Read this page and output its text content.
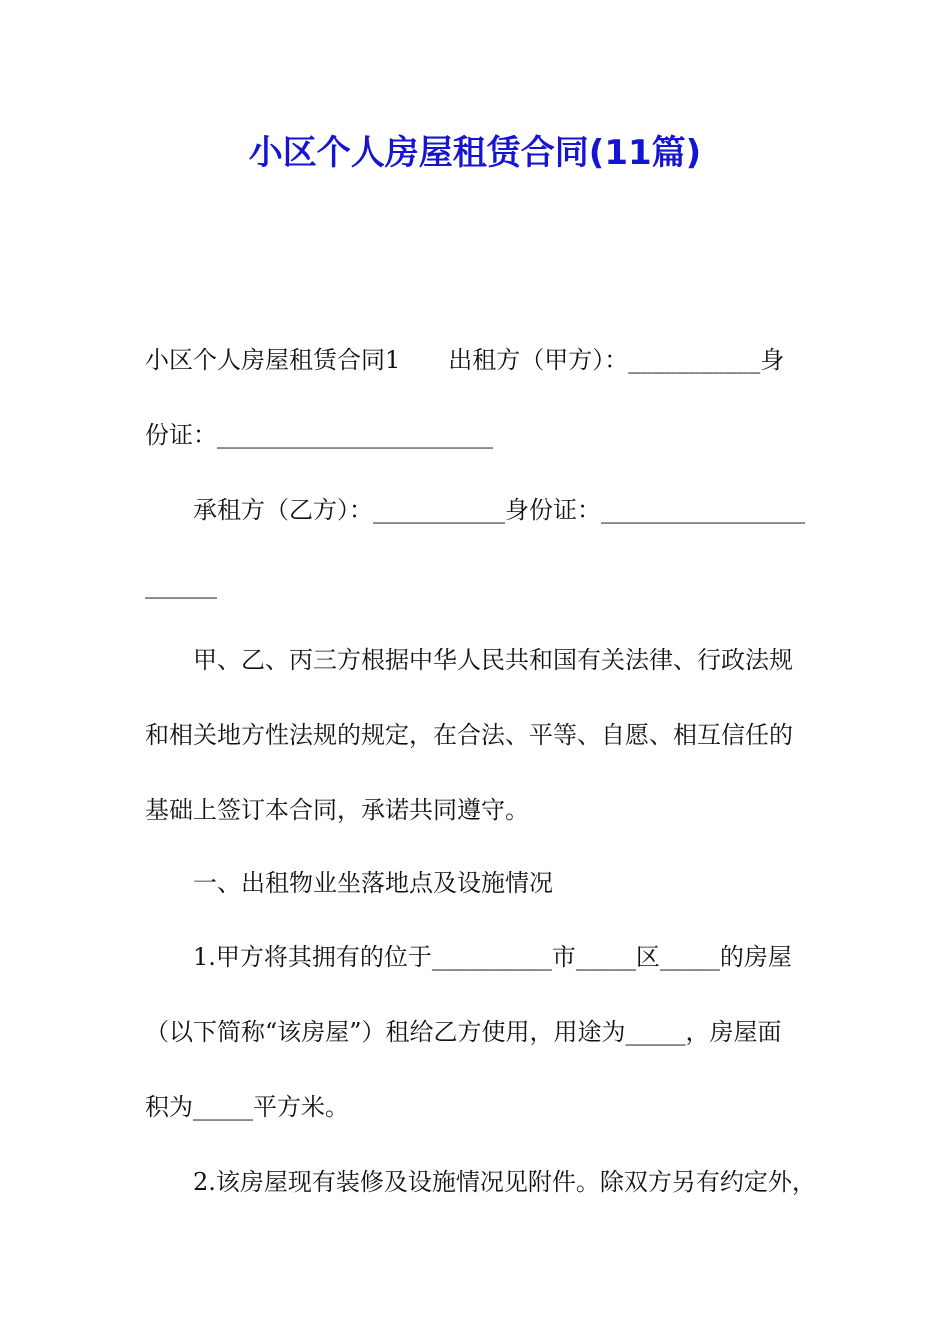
小区个人房屋租赁合同(11篇)
小区个人房屋租赁合同1　　出租方（甲方）：___________身
份证：_______________________
　　承租方（乙方）：___________身份证：_________________
______
　　甲、乙、丙三方根据中华人民共和国有关法律、行政法规
和相关地方性法规的规定，在合法、平等、自愿、相互信任的
基础上签订本合同，承诺共同遵守。
　　一、出租物业坐落地点及设施情况
　　1.甲方将其拥有的位于__________市_____区_____的房屋
（以下简称“该房屋”）租给乙方使用，用途为_____，房屋面
积为_____平方米。
　　2.该房屋现有装修及设施情况见附件。除双方另有约定外，
